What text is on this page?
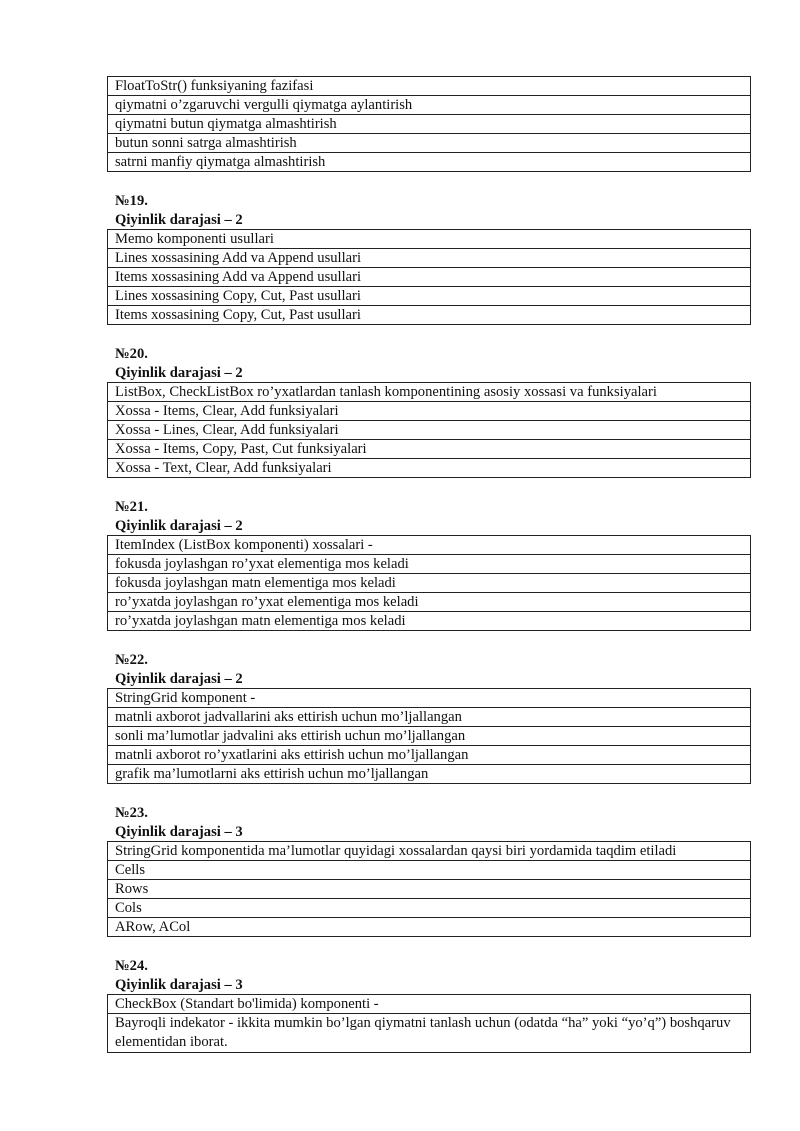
FloatToStr() funksiyaning fazifasi
qiymatni o’zgaruvchi vergulli qiymatga aylantirish
qiymatni butun qiymatga almashtirish
butun sonni satrga almashtirish
satrni manfiy qiymatga almashtirish
№19.
Qiyinlik darajasi – 2
Memo komponenti usullari
Lines xossasining Add va Append usullari
Items xossasining Add va Append usullari
Lines xossasining Copy, Cut, Past usullari
Items xossasining Copy, Cut, Past usullari
№20.
Qiyinlik darajasi – 2
ListBox, CheckListBox ro’yxatlardan tanlash komponentining asosiy xossasi va funksiyalari
Xossa - Items, Clear, Add funksiyalari
Xossa - Lines, Clear, Add funksiyalari
Xossa - Items, Copy, Past, Cut funksiyalari
Xossa - Text, Clear, Add funksiyalari
№21.
Qiyinlik darajasi – 2
ItemIndex (ListBox komponenti) xossalari -
fokusda joylashgan ro’yxat elementiga mos keladi
fokusda joylashgan matn elementiga mos keladi
ro’yxatda joylashgan ro’yxat elementiga mos keladi
ro’yxatda joylashgan matn elementiga mos keladi
№22.
Qiyinlik darajasi – 2
StringGrid komponent -
matnli axborot jadvallarini aks ettirish uchun mo’ljallangan
sonli ma’lumotlar jadvalini aks ettirish uchun mo’ljallangan
matnli axborot ro’yxatlarini aks ettirish uchun mo’ljallangan
grafik ma’lumotlarni aks ettirish uchun mo’ljallangan
№23.
Qiyinlik darajasi – 3
StringGrid komponentida ma’lumotlar quyidagi xossalardan qaysi biri yordamida taqdim etiladi
Cells
Rows
Cols
ARow, ACol
№24.
Qiyinlik darajasi – 3
CheckBox (Standart bo'limida) komponenti -
Bayroqli indekator - ikkita mumkin bo’lgan qiymatni tanlash uchun (odatda “ha” yoki “yo’q”) boshqaruv elementidan iborat.
